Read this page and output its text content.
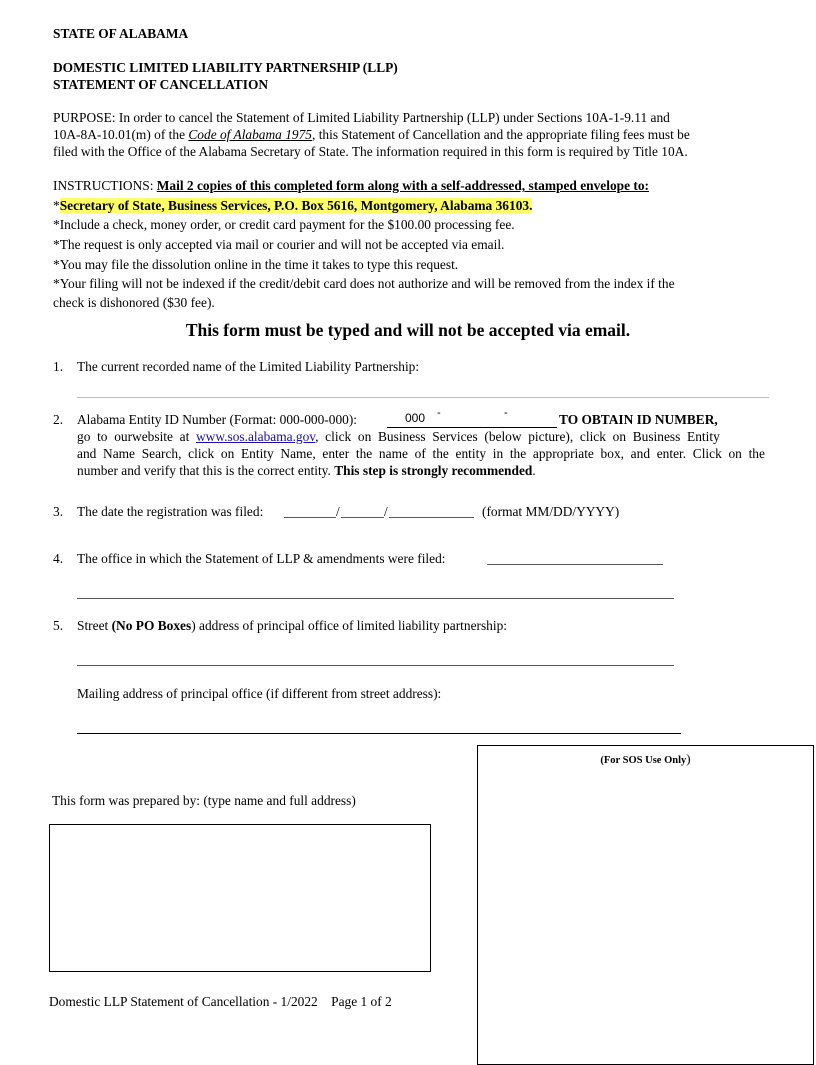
STATE OF ALABAMA
DOMESTIC LIMITED LIABILITY PARTNERSHIP (LLP)
STATEMENT OF CANCELLATION
PURPOSE: In order to cancel the Statement of Limited Liability Partnership (LLP) under Sections 10A-1-9.11 and
10A-8A-10.01(m) of the Code of Alabama 1975, this Statement of Cancellation and the appropriate filing fees must be
filed with the Office of the Alabama Secretary of State. The information required in this form is required by Title 10A.
INSTRUCTIONS: Mail 2 copies of this completed form along with a self-addressed, stamped envelope to:
*Secretary of State, Business Services, P.O. Box 5616, Montgomery, Alabama 36103.
*Include a check, money order, or credit card payment for the $100.00 processing fee.
*The request is only accepted via mail or courier and will not be accepted via email.
*You may file the dissolution online in the time it takes to type this request.
*Your filing will not be indexed if the credit/debit card does not authorize and will be removed from the index if the
check is dishonored ($30 fee).
This form must be typed and will not be accepted via email.
1. The current recorded name of the Limited Liability Partnership:
2. Alabama Entity ID Number (Format: 000-000-000):	000 -	-	TO OBTAIN ID NUMBER,
go  to  ourwebsite  at  www.sos.alabama.gov,  click  on  Business  Services  (below  picture),  click  on  Business  Entity
and  Name  Search,  click  on  Entity  Name,  enter  the  name  of  the  entity  in  the  appropriate  box,  and  enter.  Click  on  the
number and verify that this is the correct entity. This step is strongly recommended.
3. The date the registration was filed:	/	/	(format MM/DD/YYYY)
4. The office in which the Statement of LLP & amendments were filed:
5. Street (No PO Boxes) address of principal office of limited liability partnership:
Mailing address of principal office (if different from street address):
(For SOS Use Only)
This form was prepared by: (type name and full address)
Domestic LLP Statement of Cancellation - 1/2022    Page 1 of 2
